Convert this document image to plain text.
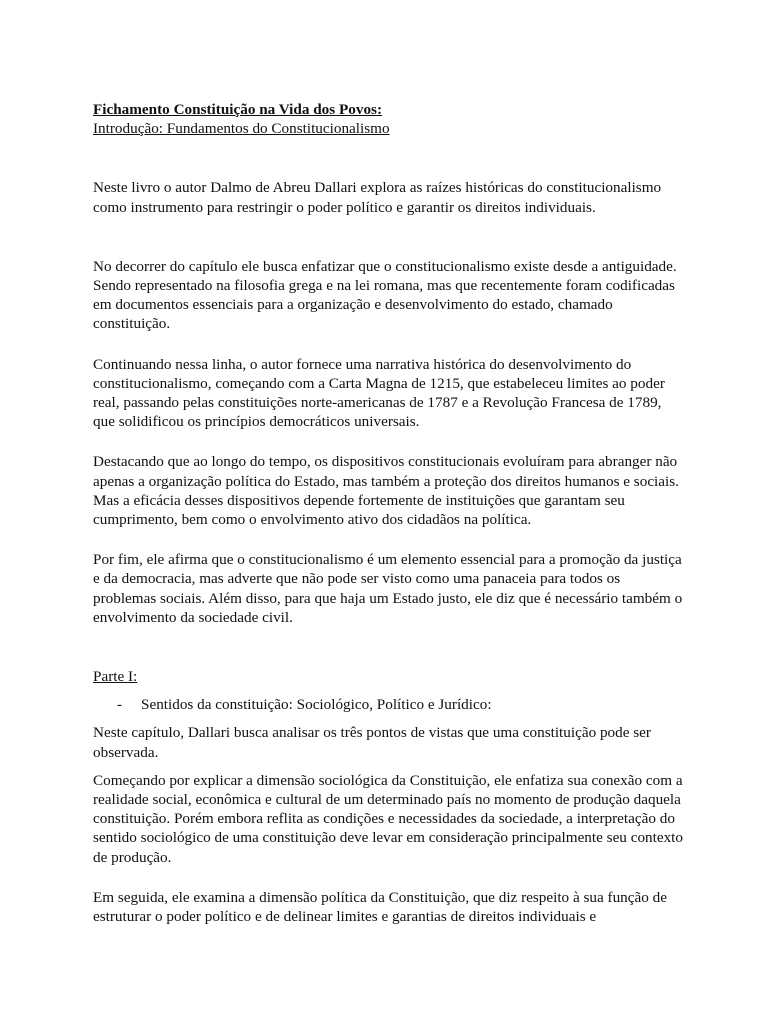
Fichamento Constituição na Vida dos Povos:

Introdução: Fundamentos do Constitucionalismo

Neste livro o autor Dalmo de Abreu Dallari explora as raízes históricas do constitucionalismo como instrumento para restringir o poder político e garantir os direitos individuais.

No decorrer do capítulo ele busca enfatizar que o constitucionalismo existe desde a antiguidade. Sendo representado na filosofia grega e na lei romana, mas que recentemente foram codificadas em documentos essenciais para a organização e desenvolvimento do estado, chamado constituição.

Continuando nessa linha, o autor fornece uma narrativa histórica do desenvolvimento do constitucionalismo, começando com a Carta Magna de 1215, que estabeleceu limites ao poder real, passando pelas constituições norte-americanas de 1787 e a Revolução Francesa de 1789, que solidificou os princípios democráticos universais.

Destacando que ao longo do tempo, os dispositivos constitucionais evoluíram para abranger não apenas a organização política do Estado, mas também a proteção dos direitos humanos e sociais. Mas a eficácia desses dispositivos depende fortemente de instituições que garantam seu cumprimento, bem como o envolvimento ativo dos cidadãos na política.

Por fim, ele afirma que o constitucionalismo é um elemento essencial para a promoção da justiça e da democracia, mas adverte que não pode ser visto como uma panaceia para todos os problemas sociais. Além disso, para que haja um Estado justo, ele diz que é necessário também o envolvimento da sociedade civil.

Parte I:

- Sentidos da constituição: Sociológico, Político e Jurídico:

Neste capítulo, Dallari busca analisar os três pontos de vistas que uma constituição pode ser observada.

Começando por explicar a dimensão sociológica da Constituição, ele enfatiza sua conexão com a realidade social, econômica e cultural de um determinado país no momento de produção daquela constituição. Porém embora reflita as condições e necessidades da sociedade, a interpretação do sentido sociológico de uma constituição deve levar em consideração principalmente seu contexto de produção.

Em seguida, ele examina a dimensão política da Constituição, que diz respeito à sua função de estruturar o poder político e de delinear limites e garantias de direitos individuais e
